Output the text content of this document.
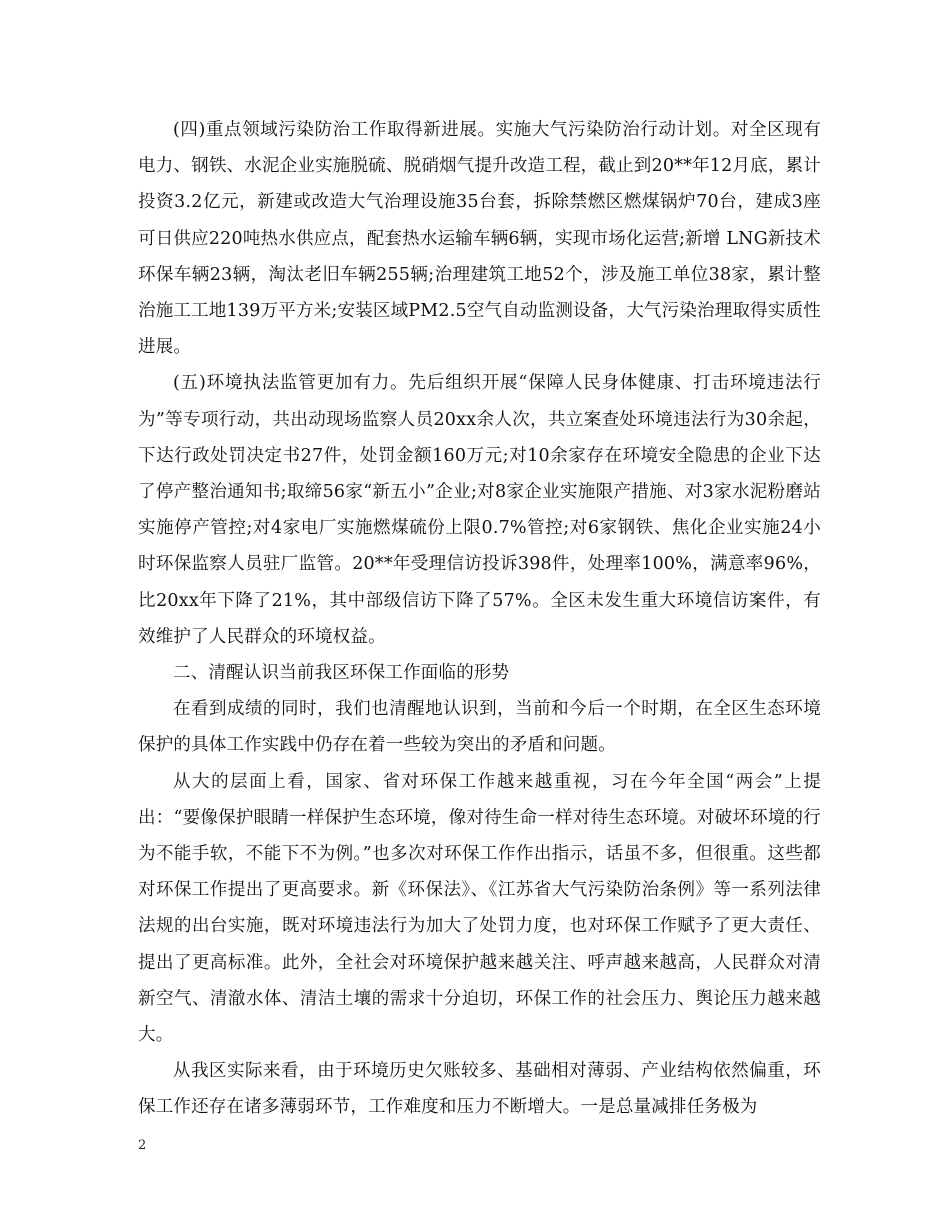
(四)重点领域污染防治工作取得新进展。实施大气污染防治行动计划。对全区现有电力、钢铁、水泥企业实施脱硫、脱硝烟气提升改造工程，截止到20**年12月底，累计投资3.2亿元，新建或改造大气治理设施35台套，拆除禁燃区燃煤锅炉70台，建成3座可日供应220吨热水供应点，配套热水运输车辆6辆，实现市场化运营;新增 LNG新技术环保车辆23辆，淘汰老旧车辆255辆;治理建筑工地52个，涉及施工单位38家，累计整治施工工地139万平方米;安装区域PM2.5空气自动监测设备，大气污染治理取得实质性进展。

(五)环境执法监管更加有力。先后组织开展“保障人民身体健康、打击环境违法行为”等专项行动，共出动现场监察人员20xx余人次，共立案查处环境违法行为30余起，下达行政处罚决定书27件，处罚金额160万元;对10余家存在环境安全隐患的企业下达了停产整治通知书;取缔56家“新五小”企业;对8家企业实施限产措施、对3家水泥粉磨站实施停产管控;对4家电厂实施燃煤硫份上限0.7%管控;对6家钢铁、焦化企业实施24小时环保监察人员驻厂监管。20**年受理信访投诉398件，处理率100%，满意率96%，比20xx年下降了21%，其中部级信访下降了57%。全区未发生重大环境信访案件，有效维护了人民群众的环境权益。

二、清醒认识当前我区环保工作面临的形势

在看到成绩的同时，我们也清醒地认识到，当前和今后一个时期，在全区生态环境保护的具体工作实践中仍存在着一些较为突出的矛盾和问题。

从大的层面上看，国家、省对环保工作越来越重视，习在今年全国“两会”上提出：“要像保护眼睛一样保护生态环境，像对待生命一样对待生态环境。对破坏环境的行为不能手软，不能下不为例。”也多次对环保工作作出指示，话虽不多，但很重。这些都对环保工作提出了更高要求。新《环保法》、《江苏省大气污染防治条例》等一系列法律法规的出台实施，既对环境违法行为加大了处罚力度，也对环保工作赋予了更大责任、提出了更高标准。此外，全社会对环境保护越来越关注、呼声越来越高，人民群众对清新空气、清澈水体、清洁土壤的需求十分迫切，环保工作的社会压力、舆论压力越来越大。

从我区实际来看，由于环境历史欠账较多、基础相对薄弱、产业结构依然偏重，环保工作还存在诸多薄弱环节，工作难度和压力不断增大。一是总量减排任务极为

2
